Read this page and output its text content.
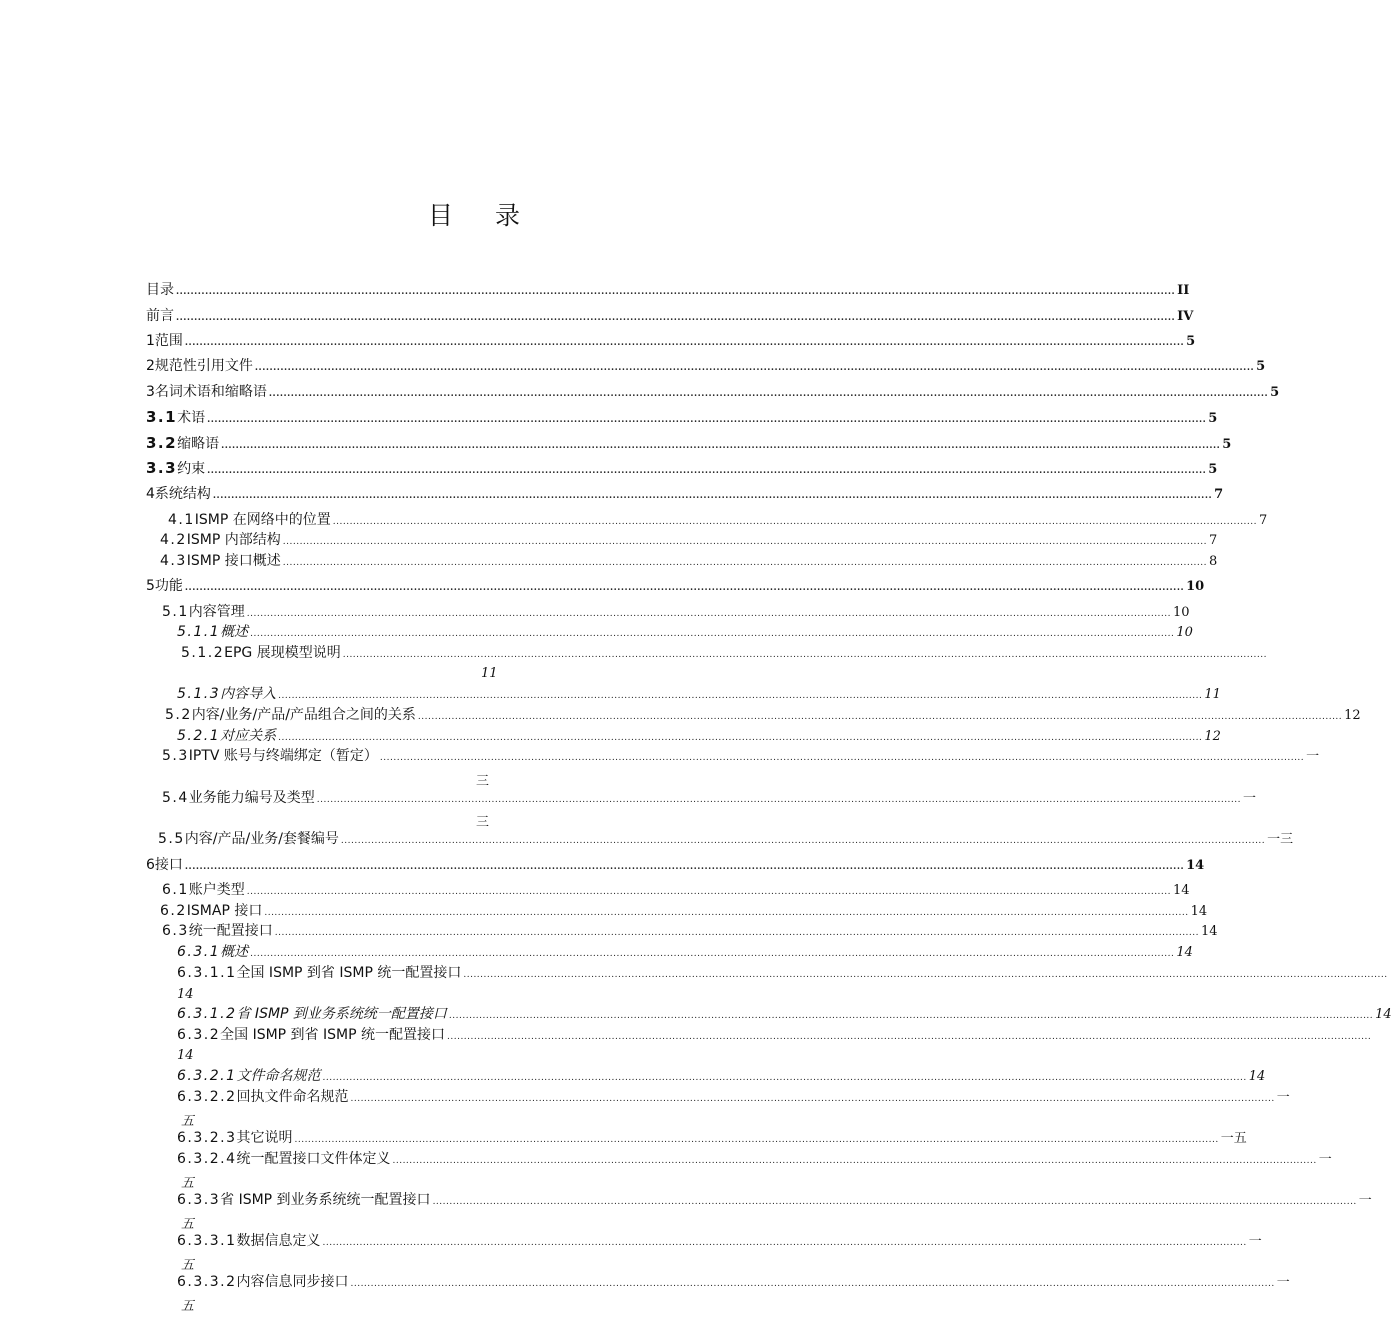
目 录
目 录 ................................................................................................................................................................................................................................................................................... II
前 言 ................................................................................................................................................................................................................................................................................... IV
1 范围 ................................................................................................................................................................................................................................................................................... 5
2 规范性引用文件 ................................................................................................................................................................................................................................................................................... 5
3 名词术语和缩略语 ................................................................................................................................................................................................................................................................................... 5
3.1 术语 ................................................................................................................................................................................................................................................................................... 5
3.2 缩略语 ................................................................................................................................................................................................................................................................................... 5
3.3 约束 ................................................................................................................................................................................................................................................................................... 5
4 系统结构 ................................................................................................................................................................................................................................................................................... 7
4.1 ISMP 在网络中的位置 ................................................................................................................................................................................................................................................................................... 7
4.2 ISMP 内部结构 ................................................................................................................................................................................................................................................................................... 7
4.3 ISMP 接口概述 ................................................................................................................................................................................................................................................................................... 8
5 功能 ................................................................................................................................................................................................................................................................................... 10
5.1 内容管理 ................................................................................................................................................................................................................................................................................... 10
5.1.1 概述 ................................................................................................................................................................................................................................................................................... 10
11
5.1.2 EPG 展现模型说明 ...................................................................................................................................................................................................................................................................................
5.1.3 内容导入 ................................................................................................................................................................................................................................................................................... 11
5.2 内容/业务/产品/产品组合之间的关系 ................................................................................................................................................................................................................................................................................... 12
5.2.1 对应关系 ................................................................................................................................................................................................................................................................................... 12
三
5.3 IPTV 账号与终端绑定（暂定） ................................................................................................................................................................................................................................................................................... 一
三
5.4 业务能力编号及类型 ................................................................................................................................................................................................................................................................................... 一
5.5 内容/产品/业务/套餐编号 ................................................................................................................................................................................................................................................................................... 一三
6 接口 ................................................................................................................................................................................................................................................................................... 14
6.1 账户类型 ................................................................................................................................................................................................................................................................................... 14
6.2 ISMAP 接口 ................................................................................................................................................................................................................................................................................... 14
6.3 统一配置接口 ................................................................................................................................................................................................................................................................................... 14
6.3.1 概述 ................................................................................................................................................................................................................................................................................... 14
14
6.3.1.1 全国 ISMP 到省 ISMP 统一配置接口 ...................................................................................................................................................................................................................................................................................
6.3.1.2 省 ISMP 到业务系统统一配置接口 ................................................................................................................................................................................................................................................................................... 14
14
6.3.2 全国 ISMP 到省 ISMP 统一配置接口 ...................................................................................................................................................................................................................................................................................
6.3.2.1 文件命名规范 ................................................................................................................................................................................................................................................................................... 14
五
6.3.2.2 回执文件命名规范 ................................................................................................................................................................................................................................................................................... 一
6.3.2.3 其它说明 ................................................................................................................................................................................................................................................................................... 一五
五
6.3.2.4 统一配置接口文件体定义 ................................................................................................................................................................................................................................................................................... 一
五
6.3.3 省 ISMP 到业务系统统一配置接口 ................................................................................................................................................................................................................................................................................... 一
五
6.3.3.1 数据信息定义 ................................................................................................................................................................................................................................................................................... 一
五
6.3.3.2 内容信息同步接口 ................................................................................................................................................................................................................................................................................... 一
